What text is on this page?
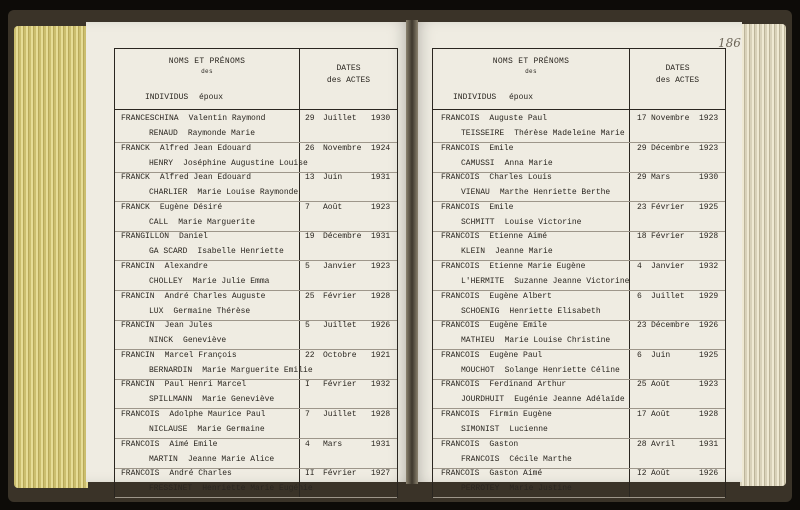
NOMS ET PRÉNOMS
des
INDIVIDUS époux
DATES
des ACTES
FRANCESCHINA Valentin Raymond
RENAUD Raymonde Marie
29 Juillet 1930
FRANCK Alfred Jean Edouard
HENRY Joséphine Augustine Louise
26 Novembre 1924
FRANCK Alfred Jean Edouard
CHARLIER Marie Louise Raymonde
13 Juin	1931
FRANCK Eugène Désiré
CALL Marie Marguerite
7 Août	1923
FRANGILLON Daniel
GA SCARD Isabelle Henriette
19 Décembre 1931
FRANCIN Alexandre
CHOLLEY Marie Julie Emma
5 Janvier 1923
FRANCIN André Charles Auguste
LUX Germaine Thérèse
25 Février 1928
FRANCIN Jean Jules
NINCK Geneviève
5 Juillet 1926
FRANCIN Marcel François
BERNARDIN Marie Marguerite Emilie
22 Octobre 1921
FRANCIN Paul Henri Marcel
SPILLMANN Marie Geneviève
I Février 1932
FRANCOIS Adolphe Maurice Paul
NICLAUSE Marie Germaine
7 Juillet 1928
FRANCOIS Aimé Emile
MARTIN Jeanne Marie Alice
4 Mars	1931
FRANCOIS André Charles
FRESSINET Henriette Marie Eugénie
II Février 1927
NOMS ET PRÉNOMS
des
INDIVIDUS époux
DATES
des ACTES
FRANCOIS Auguste Paul
TEISSEIRE Thérèse Madeleine Marie
17 Novembre 1923
FRANCOIS Emile
CAMUSSI Anna Marie
29 Décembre 1923
FRANCOIS Charles Louis
VIENAU Marthe Henriette Berthe
29 Mars	1930
FRANCOIS Emile
SCHMITT Louise Victorine
23 Février 1925
FRANCOIS Etienne Aimé
KLEIN Jeanne Marie
18 Février 1928
FRANCOIS Etienne Marie Eugène
L'HERMITE Suzanne Jeanne Victorine
4 Janvier 1932
FRANCOIS Eugène Albert
SCHOENIG Henriette Elisabeth
6 Juillet 1929
FRANCOIS Eugène Emile
MATHIEU Marie Louise Christine
23 Décembre 1926
FRANCOIS Eugène Paul
MOUCHOT Solange Henriette Céline
6 Juin	1925
FRANCOIS Ferdinand Arthur
JOURDHUIT Eugénie Jeanne Adélaïde
25 Août	1923
FRANCOIS Firmin Eugène
SIMONIST Lucienne
17 Août	1928
FRANCOIS Gaston
FRANCOIS Cécile Marthe
28 Avril	1931
FRANCOIS Gaston Aimé
PERROTEY Marie Justine
I2 Août	1926
186
